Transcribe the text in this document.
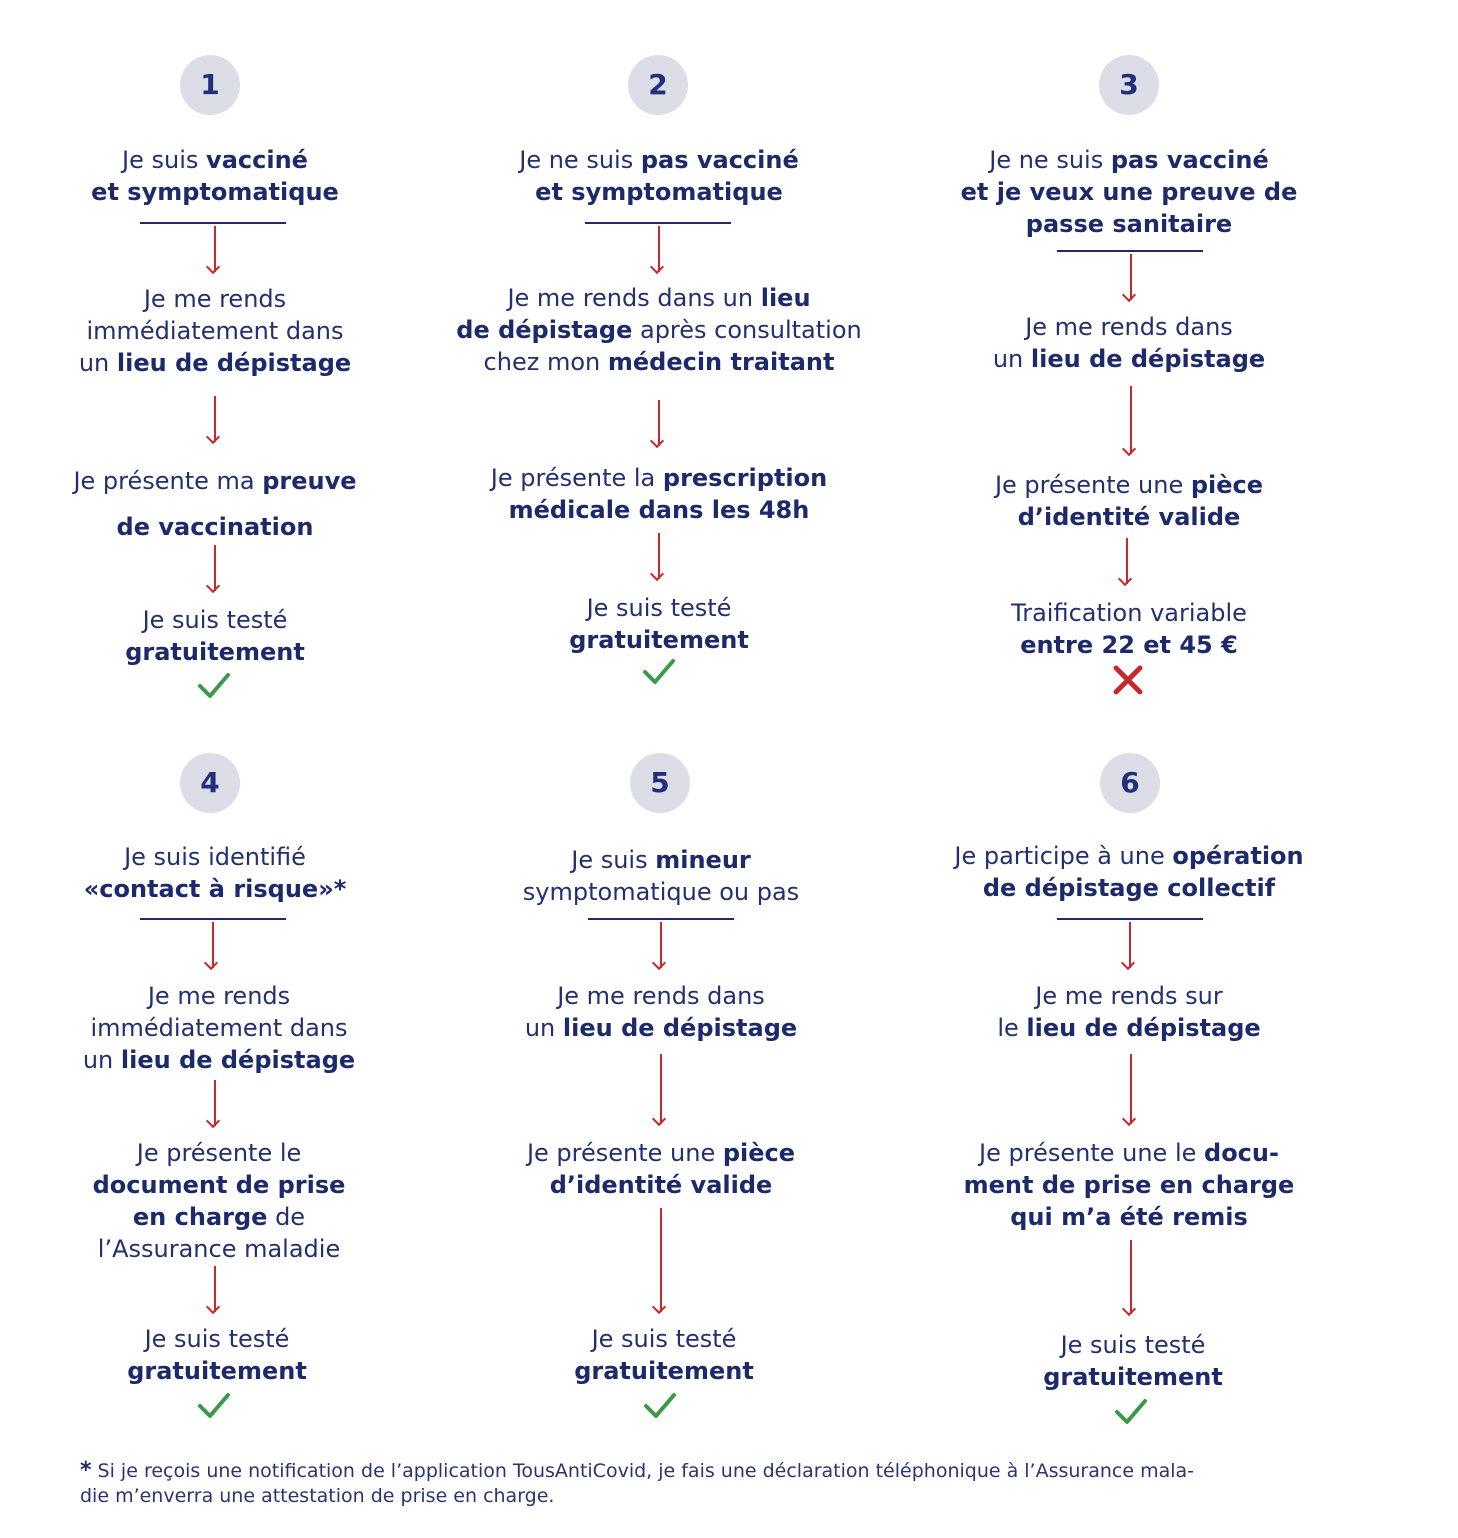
1
Je suis vacciné
et symptomatique
Je me rends
immédiatement dans
un lieu de dépistage
Je présente ma preuve
de vaccination
Je suis testé
gratuitement
2
Je ne suis pas vacciné
et symptomatique
Je me rends dans un lieu
de dépistage après consultation
chez mon médecin traitant
Je présente la prescription
médicale dans les 48h
Je suis testé
gratuitement
3
Je ne suis pas vacciné
et je veux une preuve de
passe sanitaire
Je me rends dans
un lieu de dépistage
Je présente une pièce
d’identité valide
Traification variable
entre 22 et 45 €
4
Je suis identifié
«contact à risque»*
Je me rends
immédiatement dans
un lieu de dépistage
Je présente le
document de prise
en charge de
l’Assurance maladie
Je suis testé
gratuitement
5
Je suis mineur
symptomatique ou pas
Je me rends dans
un lieu de dépistage
Je présente une pièce
d’identité valide
Je suis testé
gratuitement
6
Je participe à une opération
de dépistage collectif
Je me rends sur
le lieu de dépistage
Je présente une le docu-
ment de prise en charge
qui m’a été remis
Je suis testé
gratuitement
* Si je reçois une notification de l’application TousAntiCovid, je fais une déclaration téléphonique à l’Assurance mala-
die m’enverra une attestation de prise en charge.
